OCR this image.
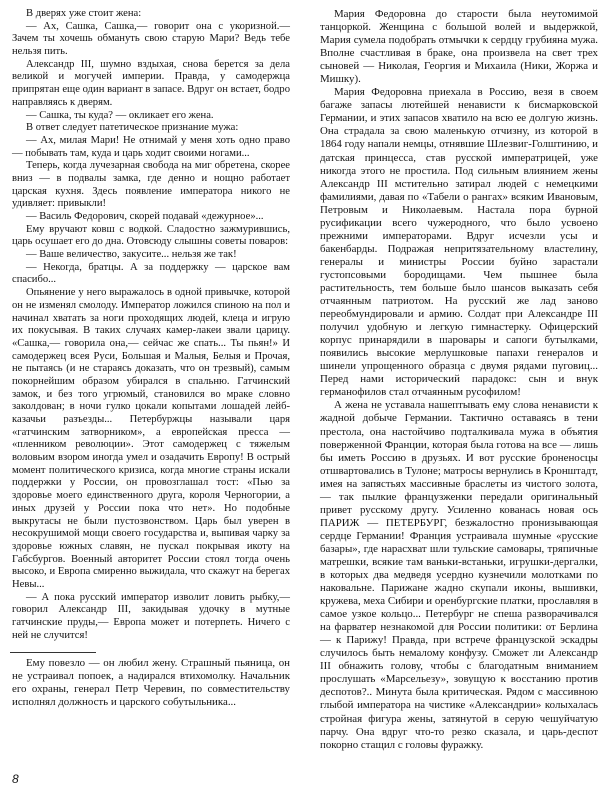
В дверях уже стоит жена:

— Ах, Сашка, Сашка,— говорит она с укоризной.— Зачем ты хочешь обмануть свою старую Мари? Ведь тебе нельзя пить.

Александр III, шумно вздыхая, снова берется за дела великой и могучей империи. Правда, у самодержца припрятан еще один вариант в запасе. Вдруг он встает, бодро направляясь к дверям.

— Сашка, ты куда? — окликает его жена.

В ответ следует патетическое признание мужа:

— Ах, милая Мари! Не отнимай у меня хоть одно право — побывать там, куда и царь ходит своими ногами...

Теперь, когда лучезарная свобода на миг обретена, скорее вниз — в подвалы замка, где денно и нощно работает царская кухня. Здесь появление императора никого не удивляет: привыкли!

— Василь Федорович, скорей подавай «дежурное»...

Ему вручают ковш с водкой. Сладостно зажмурившись, царь осушает его до дна. Отовсюду слышны советы поваров:

— Ваше величество, закусите... нельзя же так!

— Некогда, братцы. А за поддержку — царское вам спасибо...

Опьянение у него выражалось в одной привычке, которой он не изменял смолоду. Император ложился спиною на пол и начинал хватать за ноги проходящих людей, клеца и игрую их покусывая. В таких случаях камер-лакеи звали царицу. «Сашка,— говорила она,— сейчас же спать... Ты пьян!» И самодержец всея Руси, Большая и Малыя, Белыя и Прочая, не пытаясь (и не стараясь доказать, что он трезвый), самым покорнейшим образом убирался в спальню. Гатчинский замок, и без того угрюмый, становился во мраке словно заколдован; в ночи гулко цокали копытами лошадей лейб-казачьи разъезды... Петербуржцы называли царя «гатчинским затворником», а европейская пресса — «пленником революции». Этот самодержец с тяжелым воловьим взором иногда умел и озадачить Европу! В острый момент политического кризиса, когда многие страны искали поддержки у России, он провозглашал тост: «Пью за здоровье моего единственного друга, короля Черногории, а иных друзей у России пока что нет». Но подобные выкрутасы не были пустозвонством. Царь был уверен в несокрушимой мощи своего государства и, выпивая чарку за здоровье южных славян, не пускал покрывая икоту на Габсбургов. Военный авторитет России стоял тогда очень высоко, и Европа смиренно выжидала, что скажут на берегах Невы...

— А пока русский император изволит ловить рыбку,— говорил Александр III, закидывая удочку в мутные гатчинские пруды,— Европа может и потерпеть. Ничего с ней не случится!

Ему повезло — он любил жену. Страшный пьяница, он не устраивал попоек, а надирался втихомолку. Начальник его охраны, генерал Петр Черевин, по совместительству исполнял должность и царского собутыльника...

Мария Федоровна до старости была неутомимой танцоркой. Женщина с большой волей и выдержкой, Мария сумела подобрать отмычки к сердцу грубияна мужа. Вполне счастливая в браке, она произвела на свет трех сыновей — Николая, Георгия и Михаила (Ники, Жоржа и Мишку).

Мария Федоровна приехала в Россию, везя в своем багаже запасы лютейшей ненависти к бисмарковской Германии, и этих запасов хватило на всю ее долгую жизнь. Она страдала за свою маленькую отчизну, из которой в 1864 году напали немцы, отнявшие Шлезвиг-Голштинию, и датская принцесса, став русской императрицей, уже никогда этого не простила. Под сильным влиянием жены Александр III мстительно затирал людей с немецкими фамилиями, давая по «Табели о рангах» всяким Ивановым, Петровым и Николаевым. Настала пора бурной русификации всего чужеродного, что было усвоено прежними императорами. Вдруг исчезли усы и бакенбарды. Подражая непритязательному властелину, генералы и министры России буйно зарастали густопсовыми бородищами. Чем пышнее была растительность, тем больше было шансов выказать себя отчаянным патриотом. На русский же лад заново переобмундировали и армию. Солдат при Александре III получил удобную и легкую гимнастерку. Офицерский корпус принарядили в шаровары и сапоги бутылками, появились высокие мерлушковые папахи генералов и шинели упрощенного образца с двумя рядами пуговиц... Перед нами исторический парадокс: сын и внук германофилов стал отчаянным русофилом!

А жена не уставала нашептывать ему слова ненависти к жадной добыче Германии. Тактично оставаясь в тени престола, она настойчиво подталкивала мужа в объятия поверженной Франции, которая была готова на все — лишь бы иметь Россию в друзьях. И вот русские броненосцы отшвартовались в Тулоне; матросы вернулись в Кронштадт, имея на запястьях массивные браслеты из чистого золота,— так пылкие французженки передали оригинальный привет русскому другу. Усиленно кованась новая ось ПАРИЖ — ПЕТЕРБУРГ, безжалостно пронизывающая сердце Германии! Франция устраивала шумные «русские базары», где нарасхват шли тульские самовары, тряпичные матрешки, всякие там ваньки-встаньки, игрушки-дергалки, в которых два медведя усердно кузнечили молотками по наковальне. Парижане жадно скупали иконы, вышивки, кружева, меха Сибири и оренбургские платки, прославляя в самое узкое кольцо... Петербург не спеша разворачивался на фарватер незнакомой для России политики: от Берлина — к Парижу! Правда, при встрече французской эскадры случилось быть немалому конфузу. Сможет ли Александр III обнажить голову, чтобы с благодатным вниманием прослушать «Марсельезу», зовущую к восстанию против деспотов?.. Минута была критическая. Рядом с массивною глыбой императора на чистике «Александрии» колыхалась стройная фигура жены, затянутой в серую чешуйчатую парчу. Она вдруг что-то резко сказала, и царь-деспот покорно стащил с головы фуражку.

8
